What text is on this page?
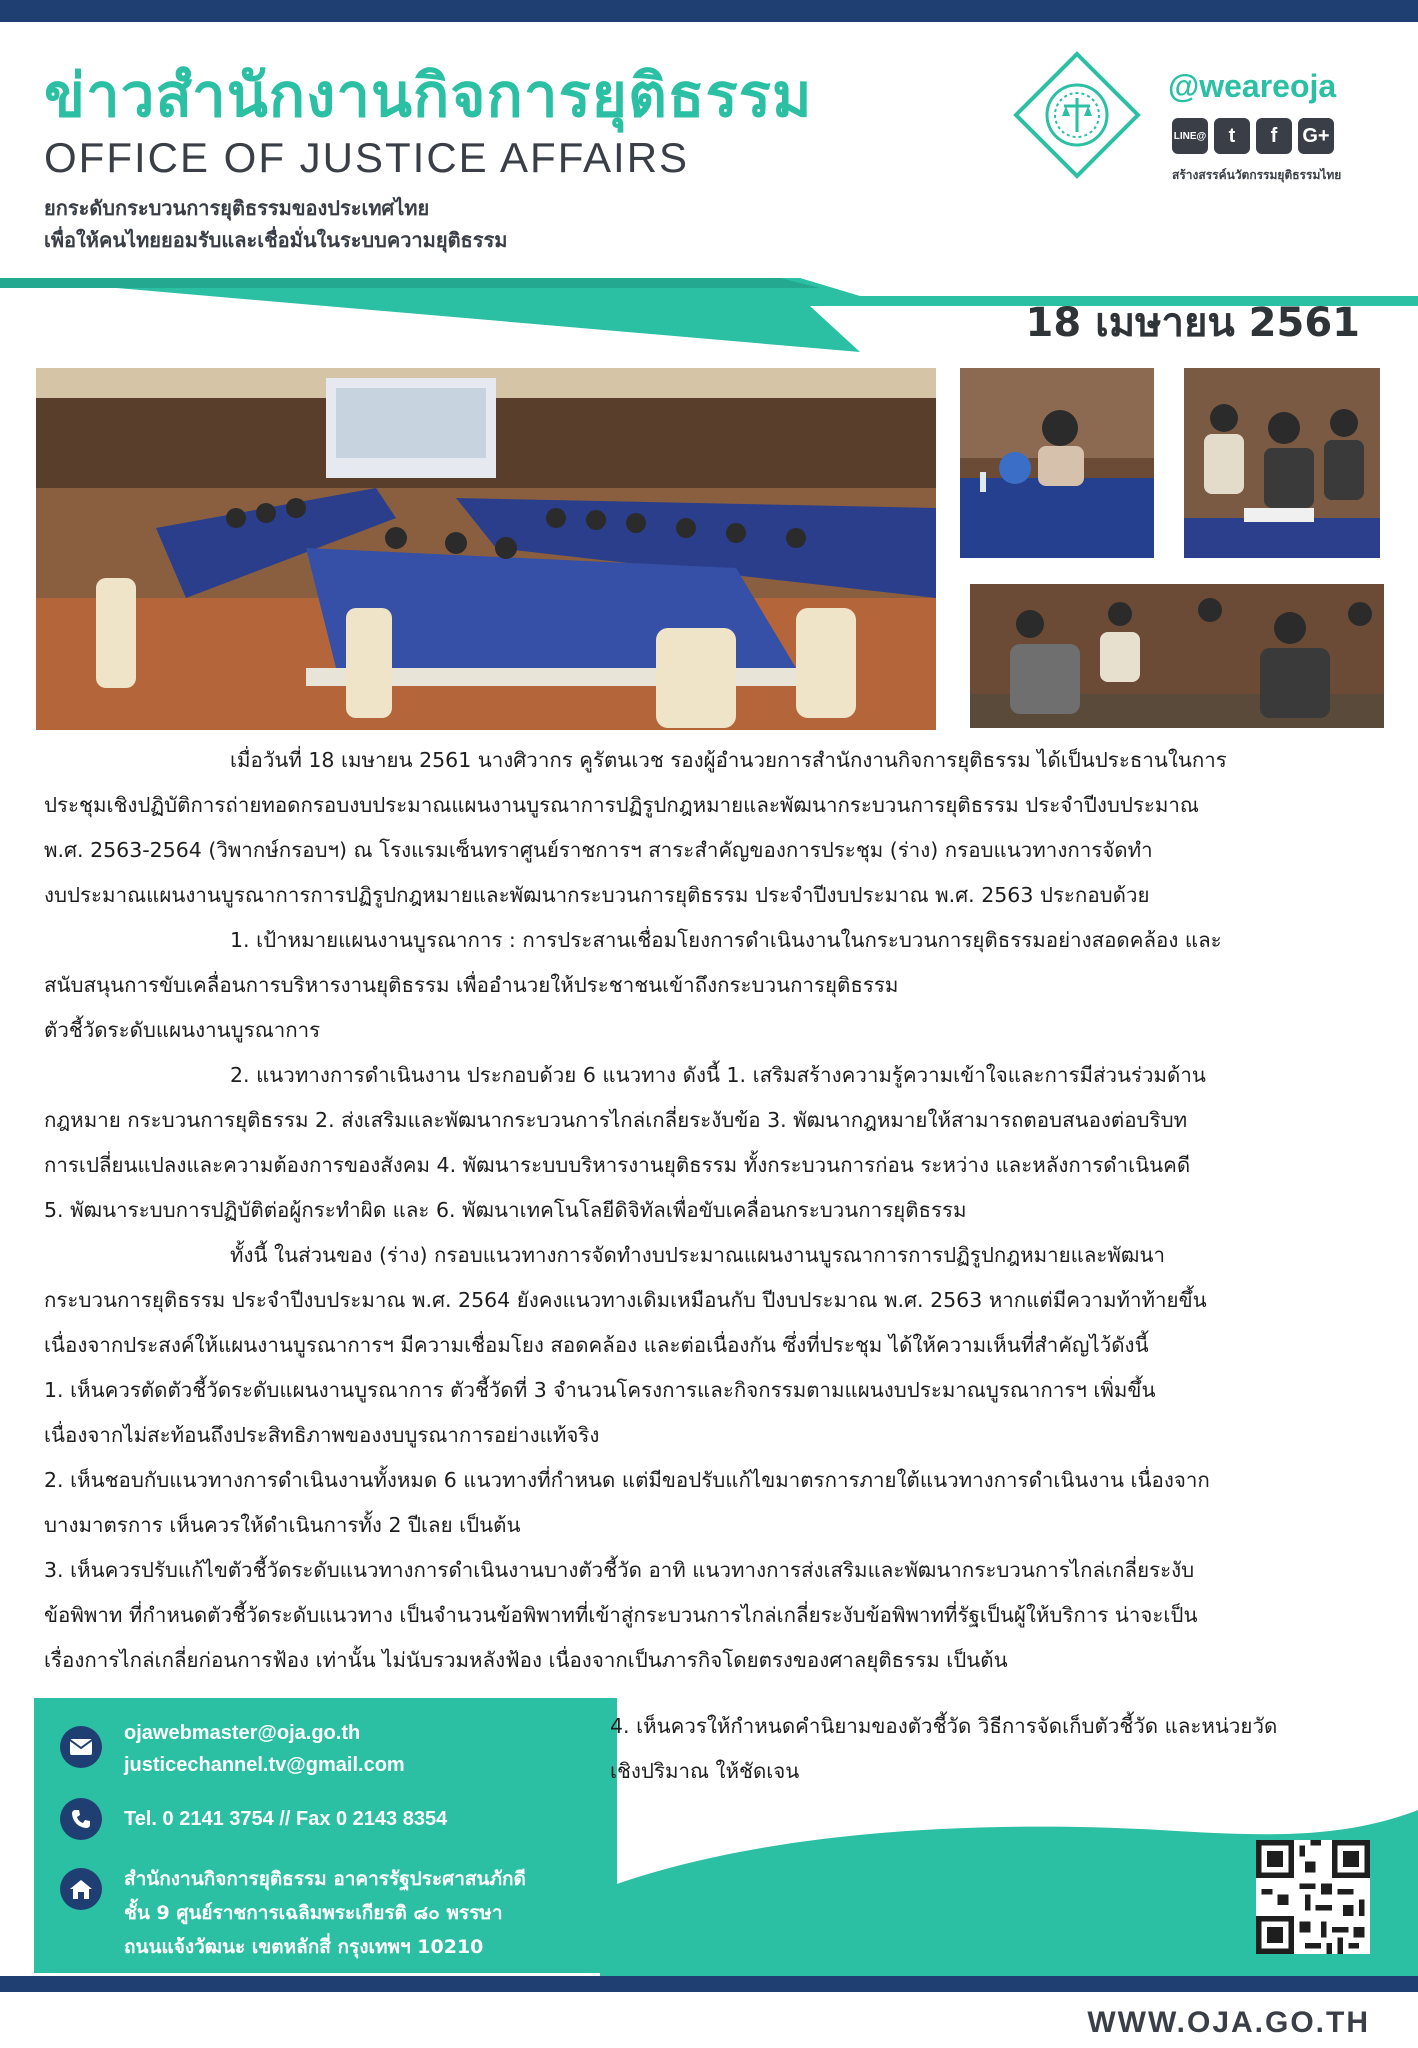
ข่าวสำนักงานกิจการยุติธรรม
OFFICE OF JUSTICE AFFAIRS
ยกระดับกระบวนการยุติธรรมของประเทศไทย
เพื่อให้คนไทยยอมรับและเชื่อมั่นในระบบความยุติธรรม
@weareoja
LINE@	t	f	G+
สร้างสรรค์นวัตกรรมยุติธรรมไทย
18 เมษายน 2561

เมื่อวันที่ 18 เมษายน 2561 นางศิวากร คูรัตนเวช รองผู้อำนวยการสำนักงานกิจการยุติธรรม ได้เป็นประธานในการ

ประชุมเชิงปฏิบัติการถ่ายทอดกรอบงบประมาณแผนงานบูรณาการปฏิรูปกฎหมายและพัฒนากระบวนการยุติธรรม ประจำปีงบประมาณ

พ.ศ. 2563-2564 (วิพากษ์กรอบฯ) ณ โรงแรมเซ็นทราศูนย์ราชการฯ สาระสำคัญของการประชุม (ร่าง) กรอบแนวทางการจัดทำ

งบประมาณแผนงานบูรณาการการปฏิรูปกฎหมายและพัฒนากระบวนการยุติธรรม ประจำปีงบประมาณ พ.ศ. 2563 ประกอบด้วย

1. เป้าหมายแผนงานบูรณาการ : การประสานเชื่อมโยงการดำเนินงานในกระบวนการยุติธรรมอย่างสอดคล้อง และ

สนับสนุนการขับเคลื่อนการบริหารงานยุติธรรม เพื่ออำนวยให้ประชาชนเข้าถึงกระบวนการยุติธรรม

ตัวชี้วัดระดับแผนงานบูรณาการ

2. แนวทางการดำเนินงาน ประกอบด้วย 6 แนวทาง ดังนี้ 1. เสริมสร้างความรู้ความเข้าใจและการมีส่วนร่วมด้าน

กฎหมาย กระบวนการยุติธรรม 2. ส่งเสริมและพัฒนากระบวนการไกล่เกลี่ยระงับข้อ 3. พัฒนากฎหมายให้สามารถตอบสนองต่อบริบท

การเปลี่ยนแปลงและความต้องการของสังคม 4. พัฒนาระบบบริหารงานยุติธรรม ทั้งกระบวนการก่อน ระหว่าง และหลังการดำเนินคดี

5. พัฒนาระบบการปฏิบัติต่อผู้กระทำผิด และ 6. พัฒนาเทคโนโลยีดิจิทัลเพื่อขับเคลื่อนกระบวนการยุติธรรม

ทั้งนี้ ในส่วนของ (ร่าง) กรอบแนวทางการจัดทำงบประมาณแผนงานบูรณาการการปฏิรูปกฎหมายและพัฒนา

กระบวนการยุติธรรม ประจำปีงบประมาณ พ.ศ. 2564 ยังคงแนวทางเดิมเหมือนกับ ปีงบประมาณ พ.ศ. 2563 หากแต่มีความท้าท้ายขึ้น

เนื่องจากประสงค์ให้แผนงานบูรณาการฯ มีความเชื่อมโยง สอดคล้อง และต่อเนื่องกัน ซึ่งที่ประชุม ได้ให้ความเห็นที่สำคัญไว้ดังนี้

1. เห็นควรตัดตัวชี้วัดระดับแผนงานบูรณาการ ตัวชี้วัดที่ 3 จำนวนโครงการและกิจกรรมตามแผนงบประมาณบูรณาการฯ เพิ่มขึ้น

เนื่องจากไม่สะท้อนถึงประสิทธิภาพของงบบูรณาการอย่างแท้จริง

2. เห็นชอบกับแนวทางการดำเนินงานทั้งหมด 6 แนวทางที่กำหนด แต่มีขอปรับแก้ไขมาตรการภายใต้แนวทางการดำเนินงาน เนื่องจาก

บางมาตรการ เห็นควรให้ดำเนินการทั้ง 2 ปีเลย เป็นต้น

3. เห็นควรปรับแก้ไขตัวชี้วัดระดับแนวทางการดำเนินงานบางตัวชี้วัด อาทิ แนวทางการส่งเสริมและพัฒนากระบวนการไกล่เกลี่ยระงับ

ข้อพิพาท ที่กำหนดตัวชี้วัดระดับแนวทาง เป็นจำนวนข้อพิพาทที่เข้าสู่กระบวนการไกล่เกลี่ยระงับข้อพิพาทที่รัฐเป็นผู้ให้บริการ น่าจะเป็น

เรื่องการไกล่เกลี่ยก่อนการฟ้อง เท่านั้น ไม่นับรวมหลังฟ้อง เนื่องจากเป็นภารกิจโดยตรงของศาลยุติธรรม เป็นต้น

ojawebmaster@oja.go.th
justicechannel.tv@gmail.com
Tel. 0 2141 3754 // Fax 0 2143 8354
สำนักงานกิจการยุติธรรม อาคารรัฐประศาสนภักดี
ชั้น 9 ศูนย์ราชการเฉลิมพระเกียรติ ๘๐ พรรษา
ถนนแจ้งวัฒนะ เขตหลักสี่ กรุงเทพฯ 10210

4. เห็นควรให้กำหนดคำนิยามของตัวชี้วัด วิธีการจัดเก็บตัวชี้วัด และหน่วยวัด

เชิงปริมาณ ให้ชัดเจน

WWW.OJA.GO.TH
